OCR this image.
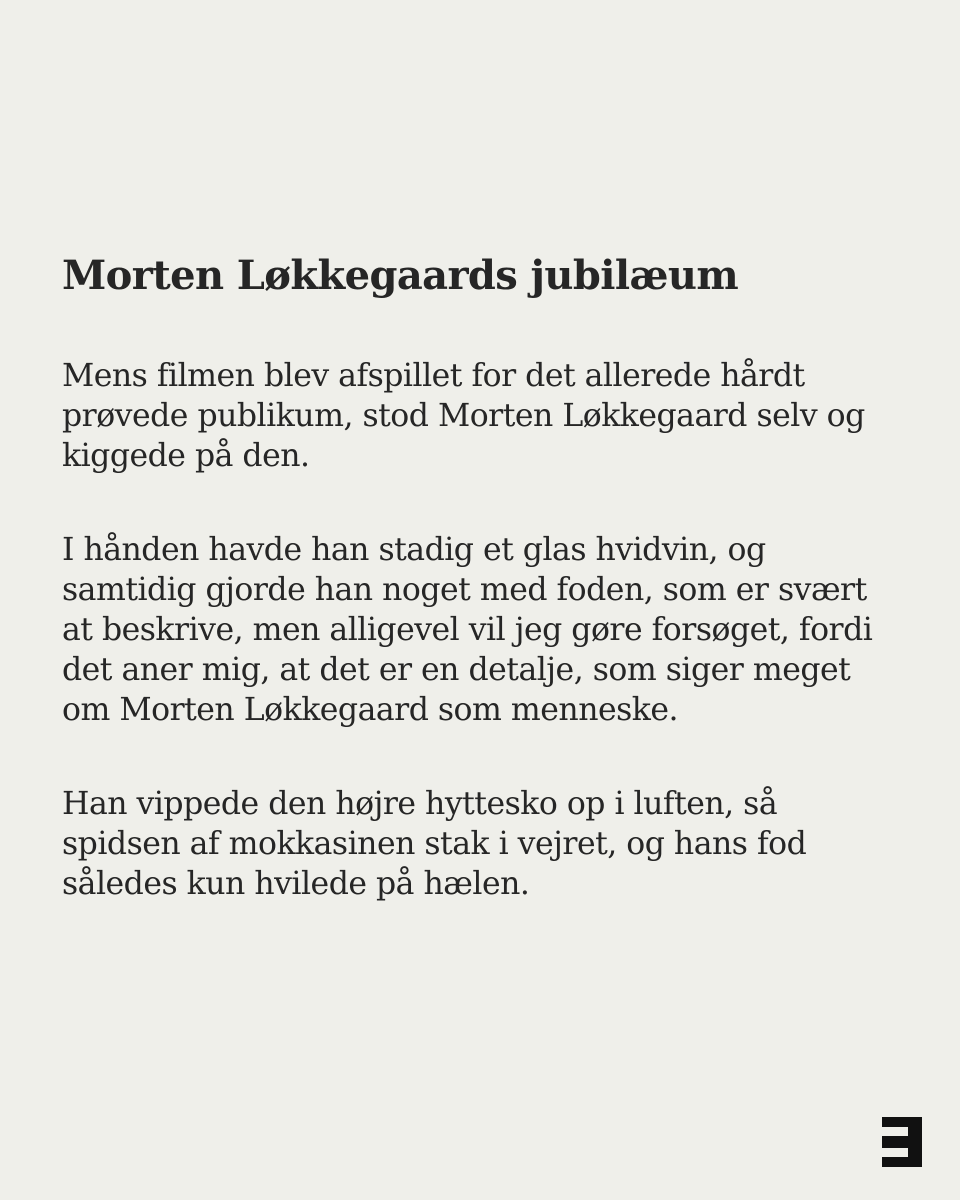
Morten Løkkegaards jubilæum

Mens filmen blev afspillet for det allerede hårdt prøvede publikum, stod Morten Løkkegaard selv og kiggede på den.

I hånden havde han stadig et glas hvidvin, og samtidig gjorde han noget med foden, som er svært at beskrive, men alligevel vil jeg gøre forsøget, fordi det aner mig, at det er en detalje, som siger meget om Morten Løkkegaard som menneske.

Han vippede den højre hyttesko op i luften, så spidsen af mokkasinen stak i vejret, og hans fod således kun hvilede på hælen.
